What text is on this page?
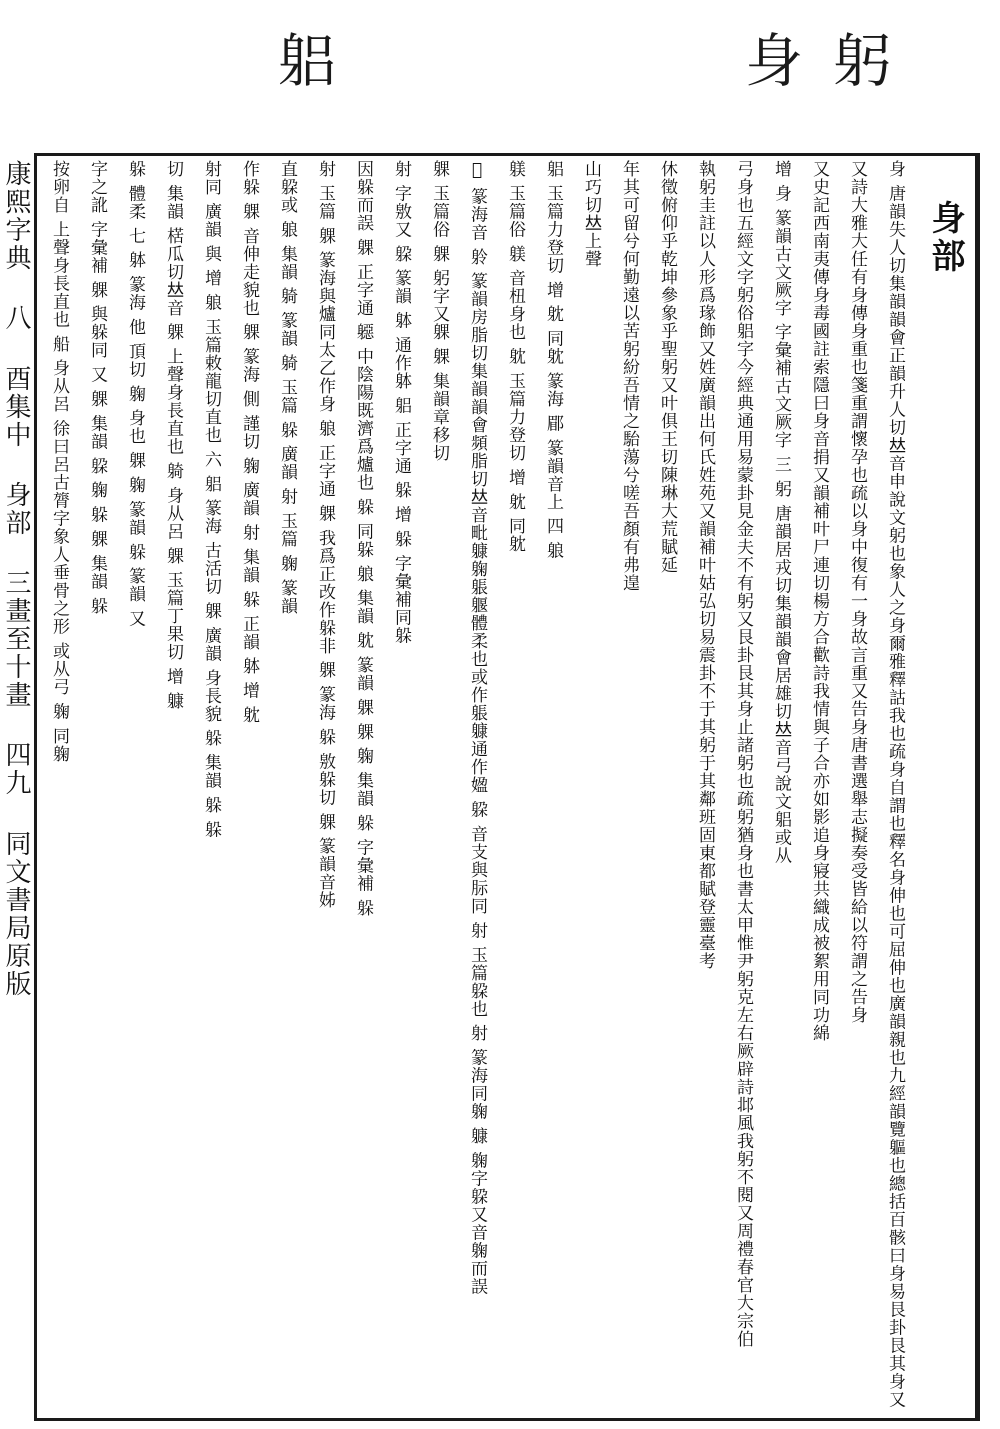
躳	身 躬
康熙字典 八 酉集中 身部 三畫至十畫 四九 同文書局原版
身部
身 唐韻失人切集韻韻會正韻升人切𠀤音申說文躬也象人之身爾雅釋詁我也疏身自謂也釋名身伸也可屈伸也廣韻親也九經韻覽軀也總括百骸曰身易艮卦艮其身又
又詩大雅大任有身傳身重也箋重謂懷孕也疏以身中復有一身故言重又告身唐書選舉志擬奏受皆給以符謂之告身
又史記西南夷傳身毒國註索隱曰身音捐又韻補叶尸連切楊方合歡詩我情與子合亦如影追身寢共織成被絮用同功綿
增 身 篆韻古文厥字 字彙補古文厥字 三 躬 唐韻居戎切集韻韻會居雄切𠀤音弓說文躳或从
弓身也五經文字躬俗躳字今經典通用易蒙卦見金夫不有躬又艮卦艮其身止諸躬也疏躬猶身也書太甲惟尹躬克左右厥辟詩邶風我躬不閱又周禮春官大宗伯
執躬圭註以人形爲瑑飾又姓廣韻出何氏姓苑又韻補叶姑弘切易震卦不于其躬于其鄰班固東都賦登靈臺考
休徵俯仰乎乾坤參象乎聖躬又叶俱王切陳琳大荒賦延
年其可留兮何勤遠以苦躬紛吾情之駘蕩兮嗟吾顏有弗遑
山巧切𠀤上聲
躳 玉篇力登切 增 躭 同躭 篆海 郿 篆韻音上 四 躴
躾 玉篇俗 躾 音杻身也 躭 玉篇力登切 增 躭 同躭
𨈏 篆海音 䠲 篆韻房脂切集韻韻會頻脂切𠀤音毗躿躹躼躽體柔也或作躼躿通作𡟚 躱 音支與䏡同 射 玉篇躱也 射 篆海同躹 躿 躹字躱又音躹而誤
躶 玉篇俗 躶 躬字又躶 躶 集韻章移切
射 字敫又 躱 篆韻 躰 通作躰 躳 正字通 躲 增 躲 字彙補同躲
因躲而誤 躶 正字通 𨉼 中陰陽既濟爲爐也 躲 同躲 躴 集韻 躭 篆韻 躶 躶 躹 集韻 躲 字彙補 躲
射 玉篇 躶 篆海與爐同太乙作身 躴 正字通 躶 我爲正改作躲非 躶 篆海 躲 敫躲切 躶 篆韻音姊
直躱或 躴 集韻 躸 篆韻 躸 玉篇 躲 廣韻 射 玉篇 躹 篆韻
作躲 躶 音伸走貌也 躶 篆海 側 謹切 躹 廣韻 射 集韻 躲 正韻 躰 增 躭
射同 廣韻 與 增 躴 玉篇敕龍切直也 六 躳 篆海 古活切 躶 廣韻 身長貌 躲 集韻 躲 躲
切 集韻 楛瓜切𠀤音 躶 上聲身長直也 躸 身从呂 躶 玉篇丁果切 增 躿
躲 體柔 七 躰 篆海 他 頂切 躹 身也 躶 躹 篆韻 躲 篆韻 又
字之訛 字彙補 躶 與躲同 又 躶 集韻 躱 躹 躲 躶 集韻 躲
按卵自 上聲身長直也 船 身从呂 徐曰呂古膂字象人垂骨之形 或从弓 躹 同躹
